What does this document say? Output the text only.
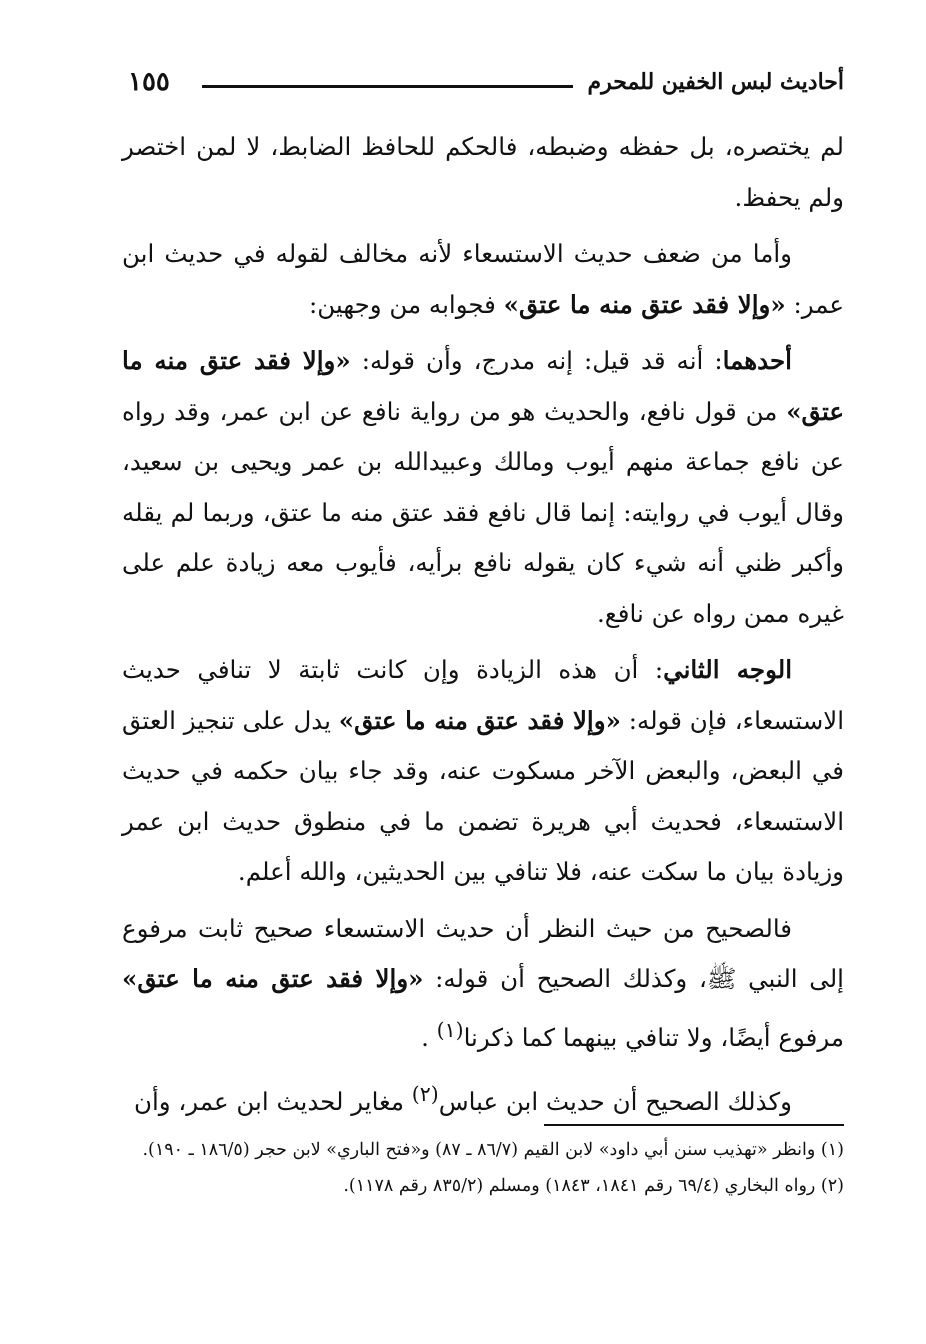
١٥٥	أحاديث لبس الخفين للمحرم

لم يختصره، بل حفظه وضبطه، فالحكم للحافظ الضابط، لا لمن اختصر ولم يحفظ.

وأما من ضعف حديث الاستسعاء لأنه مخالف لقوله في حديث ابن عمر: «وإلا فقد عتق منه ما عتق» فجوابه من وجهين:

أحدهما: أنه قد قيل: إنه مدرج، وأن قوله: «وإلا فقد عتق منه ما عتق» من قول نافع، والحديث هو من رواية نافع عن ابن عمر، وقد رواه عن نافع جماعة منهم أيوب ومالك وعبيدالله بن عمر ويحيى بن سعيد، وقال أيوب في روايته: إنما قال نافع فقد عتق منه ما عتق، وربما لم يقله وأكبر ظني أنه شيء كان يقوله نافع برأيه، فأيوب معه زيادة علم على غيره ممن رواه عن نافع.

الوجه الثاني: أن هذه الزيادة وإن كانت ثابتة لا تنافي حديث الاستسعاء، فإن قوله: «وإلا فقد عتق منه ما عتق» يدل على تنجيز العتق في البعض، والبعض الآخر مسكوت عنه، وقد جاء بيان حكمه في حديث الاستسعاء، فحديث أبي هريرة تضمن ما في منطوق حديث ابن عمر وزيادة بيان ما سكت عنه، فلا تنافي بين الحديثين، والله أعلم.

فالصحيح من حيث النظر أن حديث الاستسعاء صحيح ثابت مرفوع إلى النبي ﷺ، وكذلك الصحيح أن قوله: «وإلا فقد عتق منه ما عتق» مرفوع أيضًا، ولا تنافي بينهما كما ذكرنا$^{(١)}$ .

وكذلك الصحيح أن حديث ابن عباس$^{(٢)}$ مغاير لحديث ابن عمر، وأن

(١) وانظر «تهذيب سنن أبي داود» لابن القيم (٨٦/٧ ـ ٨٧) و«فتح الباري» لابن حجر (١٨٦/٥ ـ ١٩٠).

(٢) رواه البخاري (٦٩/٤ رقم ١٨٤١، ١٨٤٣) ومسلم (٨٣٥/٢ رقم ١١٧٨).
